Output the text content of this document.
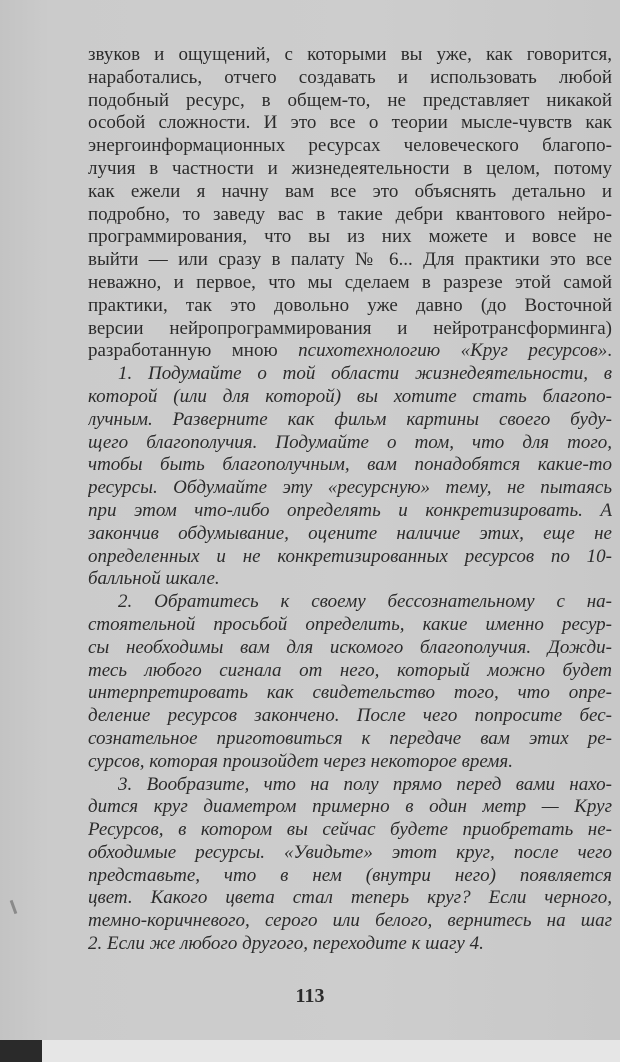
звуков и ощущений, с которыми вы уже, как говорится,
наработались, отчего создавать и использовать любой
подобный ресурс, в общем-то, не представляет никакой
особой сложности. И это все о теории мысле-чувств как
энергоинформационных ресурсах человеческого благопо-
лучия в частности и жизнедеятельности в целом, потому
как ежели я начну вам все это объяснять детально и
подробно, то заведу вас в такие дебри квантового нейро-
программирования, что вы из них можете и вовсе не
выйти — или сразу в палату № 6... Для практики это все
неважно, и первое, что мы сделаем в разрезе этой самой
практики, так это довольно уже давно (до Восточной
версии нейропрограммирования и нейротрансформинга)
разработанную мною психотехнологию «Круг ресурсов».
1. Подумайте о той области жизнедеятельности, в
которой (или для которой) вы хотите стать благопо-
лучным. Разверните как фильм картины своего буду-
щего благополучия. Подумайте о том, что для того,
чтобы быть благополучным, вам понадобятся какие-то
ресурсы. Обдумайте эту «ресурсную» тему, не пытаясь
при этом что-либо определять и конкретизировать. А
закончив обдумывание, оцените наличие этих, еще не
определенных и не конкретизированных ресурсов по 10-
балльной шкале.
2. Обратитесь к своему бессознательному с на-
стоятельной просьбой определить, какие именно ресур-
сы необходимы вам для искомого благополучия. Дожди-
тесь любого сигнала от него, который можно будет
интерпретировать как свидетельство того, что опре-
деление ресурсов закончено. После чего попросите бес-
сознательное приготовиться к передаче вам этих ре-
сурсов, которая произойдет через некоторое время.
3. Вообразите, что на полу прямо перед вами нахо-
дится круг диаметром примерно в один метр — Круг
Ресурсов, в котором вы сейчас будете приобретать не-
обходимые ресурсы. «Увидьте» этот круг, после чего
представьте, что в нем (внутри него) появляется
цвет. Какого цвета стал теперь круг? Если черного,
темно-коричневого, серого или белого, вернитесь на шаг
2. Если же любого другого, переходите к шагу 4.
113
